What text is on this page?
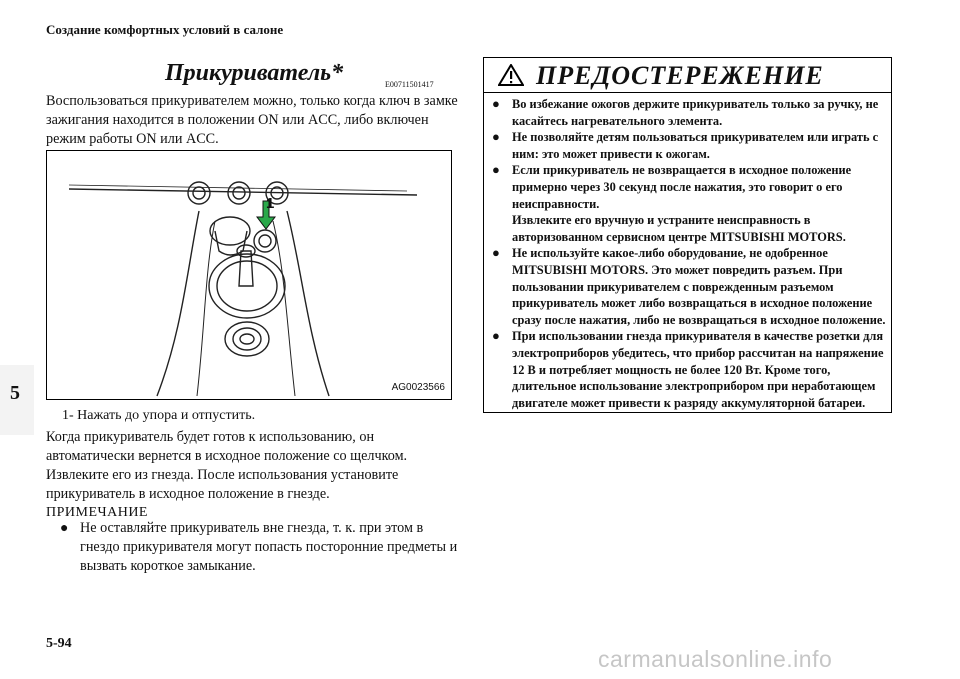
Создание комфортных условий в салоне
5
Прикуриватель*	E00711501417
Воспользоваться прикуривателем можно, только когда ключ в замке зажигания находится в положении ON или ACC, либо включен режим работы ON или ACC.
1
AG0023566
1- Нажать до упора и отпустить.
Когда прикуриватель будет готов к использованию, он автоматически вернется в исходное положение со щелчком. Извлеките его из гнезда. После использования установите прикуриватель в исходное положение в гнезде.
ПРИМЕЧАНИЕ
● Не оставляйте прикуриватель вне гнезда, т. к. при этом в гнездо прикуривателя могут попасть посторонние предметы и вызвать короткое замыкание.
ПРЕДОСТЕРЕЖЕНИЕ
● Во избежание ожогов держите прикуриватель только за ручку, не касайтесь нагревательного элемента.
● Не позволяйте детям пользоваться прикуривателем или играть с ним: это может привести к ожогам.
● Если прикуриватель не возвращается в исходное положение примерно через 30 секунд после нажатия, это говорит о его неисправности.
Извлеките его вручную и устраните неисправность в авторизованном сервисном центре MITSUBISHI MOTORS.
● Не используйте какое-либо оборудование, не одобренное MITSUBISHI MOTORS. Это может повредить разъем. При пользовании прикуривателем с поврежденным разъемом прикуриватель может либо возвращаться в исходное положение сразу после нажатия, либо не возвращаться в исходное положение.
● При использовании гнезда прикуривателя в качестве розетки для электроприборов убедитесь, что прибор рассчитан на напряжение 12 В и потребляет мощность не более 120 Вт. Кроме того, длительное использование электроприбором при неработающем двигателе может привести к разряду аккумуляторной батареи.
5-94
carmanualsonline.info
